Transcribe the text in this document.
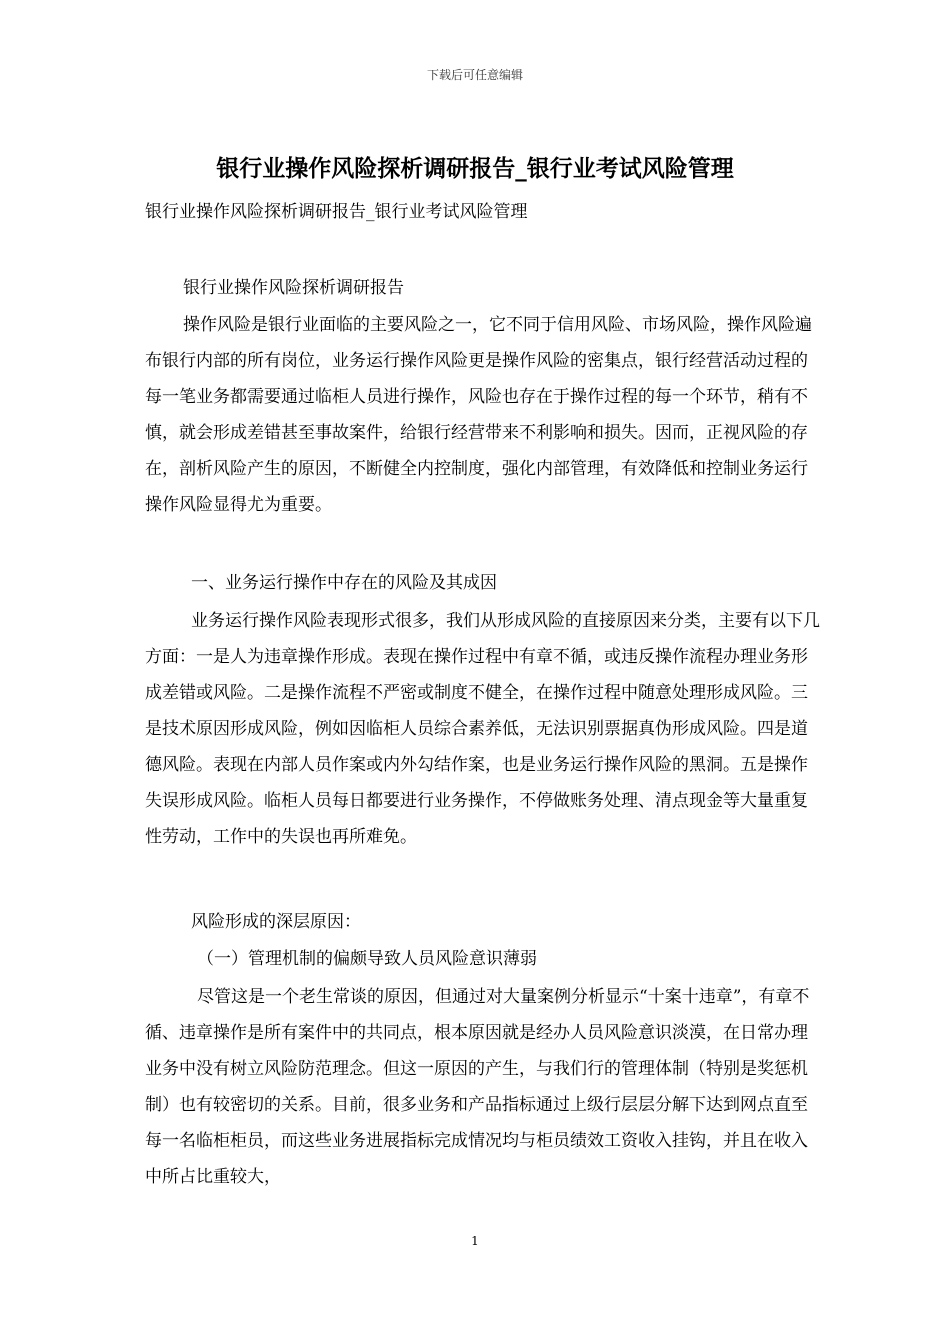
下载后可任意编辑
银行业操作风险探析调研报告_银行业考试风险管理

银行业操作风险探析调研报告_银行业考试风险管理

银行业操作风险探析调研报告

操作风险是银行业面临的主要风险之一，它不同于信用风险、市场风险，操作风险遍布银行内部的所有岗位，业务运行操作风险更是操作风险的密集点，银行经营活动过程的每一笔业务都需要通过临柜人员进行操作，风险也存在于操作过程的每一个环节，稍有不慎，就会形成差错甚至事故案件，给银行经营带来不利影响和损失。因而，正视风险的存在，剖析风险产生的原因，不断健全内控制度，强化内部管理，有效降低和控制业务运行操作风险显得尤为重要。

一、业务运行操作中存在的风险及其成因

业务运行操作风险表现形式很多，我们从形成风险的直接原因来分类，主要有以下几方面：一是人为违章操作形成。表现在操作过程中有章不循，或违反操作流程办理业务形成差错或风险。二是操作流程不严密或制度不健全，在操作过程中随意处理形成风险。三是技术原因形成风险，例如因临柜人员综合素养低，无法识别票据真伪形成风险。四是道德风险。表现在内部人员作案或内外勾结作案，也是业务运行操作风险的黑洞。五是操作失误形成风险。临柜人员每日都要进行业务操作，不停做账务处理、清点现金等大量重复性劳动，工作中的失误也再所难免。

风险形成的深层原因：

（一）管理机制的偏颇导致人员风险意识薄弱

尽管这是一个老生常谈的原因，但通过对大量案例分析显示“十案十违章”，有章不循、违章操作是所有案件中的共同点，根本原因就是经办人员风险意识淡漠，在日常办理业务中没有树立风险防范理念。但这一原因的产生，与我们行的管理体制（特别是奖惩机制）也有较密切的关系。目前，很多业务和产品指标通过上级行层层分解下达到网点直至每一名临柜柜员，而这些业务进展指标完成情况均与柜员绩效工资收入挂钩，并且在收入中所占比重较大，

1
